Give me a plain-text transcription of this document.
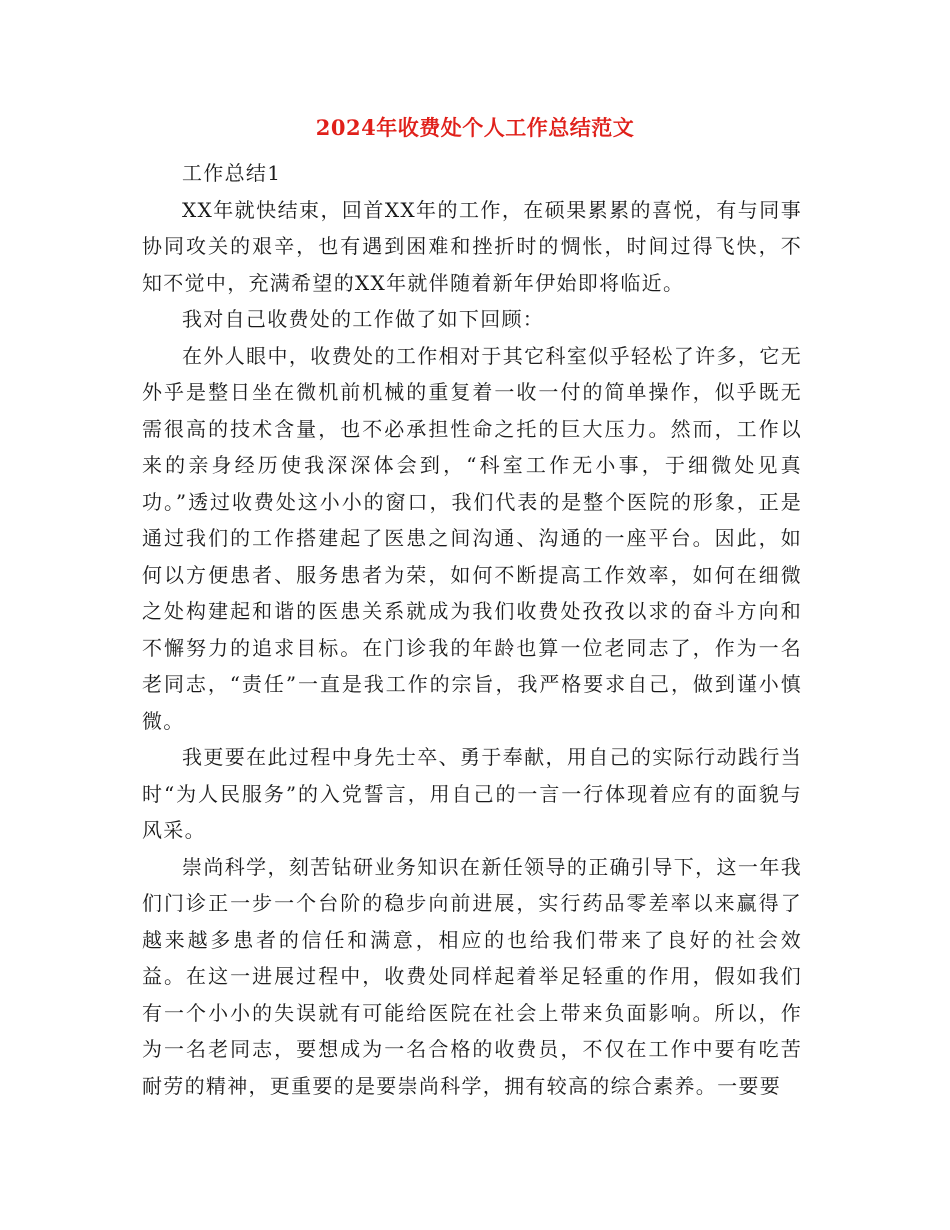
2024年收费处个人工作总结范文

工作总结1

XX年就快结束，回首XX年的工作，在硕果累累的喜悦，有与同事协同攻关的艰辛，也有遇到困难和挫折时的惆怅，时间过得飞快，不知不觉中，充满希望的XX年就伴随着新年伊始即将临近。

我对自己收费处的工作做了如下回顾：

在外人眼中，收费处的工作相对于其它科室似乎轻松了许多，它无外乎是整日坐在微机前机械的重复着一收一付的简单操作，似乎既无需很高的技术含量，也不必承担性命之托的巨大压力。然而，工作以来的亲身经历使我深深体会到，“科室工作无小事，于细微处见真功。”透过收费处这小小的窗口，我们代表的是整个医院的形象，正是通过我们的工作搭建起了医患之间沟通、沟通的一座平台。因此，如何以方便患者、服务患者为荣，如何不断提高工作效率，如何在细微之处构建起和谐的医患关系就成为我们收费处孜孜以求的奋斗方向和不懈努力的追求目标。在门诊我的年龄也算一位老同志了，作为一名老同志，“责任”一直是我工作的宗旨，我严格要求自己，做到谨小慎微。

我更要在此过程中身先士卒、勇于奉献，用自己的实际行动践行当时“为人民服务”的入党誓言，用自己的一言一行体现着应有的面貌与风采。

崇尚科学，刻苦钻研业务知识在新任领导的正确引导下，这一年我们门诊正一步一个台阶的稳步向前进展，实行药品零差率以来赢得了越来越多患者的信任和满意，相应的也给我们带来了良好的社会效益。在这一进展过程中，收费处同样起着举足轻重的作用，假如我们有一个小小的失误就有可能给医院在社会上带来负面影响。所以，作为一名老同志，要想成为一名合格的收费员，不仅在工作中要有吃苦耐劳的精神，更重要的是要崇尚科学，拥有较高的综合素养。一要要
